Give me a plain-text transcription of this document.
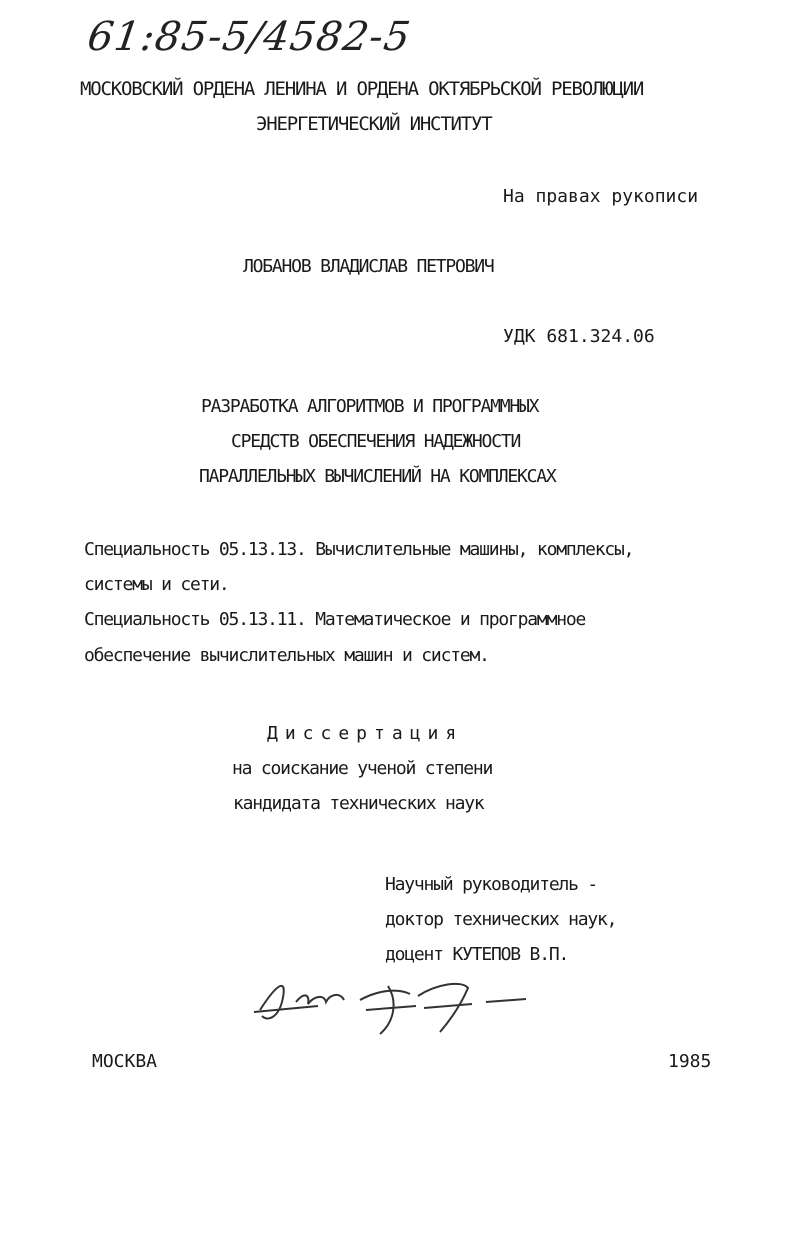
61:85-5/4582-5
МОСКОВСКИЙ ОРДЕНА ЛЕНИНА И ОРДЕНА ОКТЯБРЬСКОЙ РЕВОЛЮЦИИ
ЭНЕРГЕТИЧЕСКИЙ ИНСТИТУТ
На правах рукописи
ЛОБАНОВ ВЛАДИСЛАВ ПЕТРОВИЧ
УДК 681.324.06
РАЗРАБОТКА АЛГОРИТМОВ И ПРОГРАММНЫХ
СРЕДСТВ ОБЕСПЕЧЕНИЯ НАДЕЖНОСТИ
ПАРАЛЛЕЛЬНЫХ ВЫЧИСЛЕНИЙ НА КОМПЛЕКСАХ
Специальность 05.13.13. Вычислительные машины, комплексы,
системы и сети.
Специальность 05.13.11. Математическое и программное
обеспечение вычислительных машин и систем.
Диссертация
на соискание ученой степени
кандидата технических наук
Научный руководитель -
доктор технических наук,
доцент КУТЕПОВ В.П.
МОСКВА	1985
